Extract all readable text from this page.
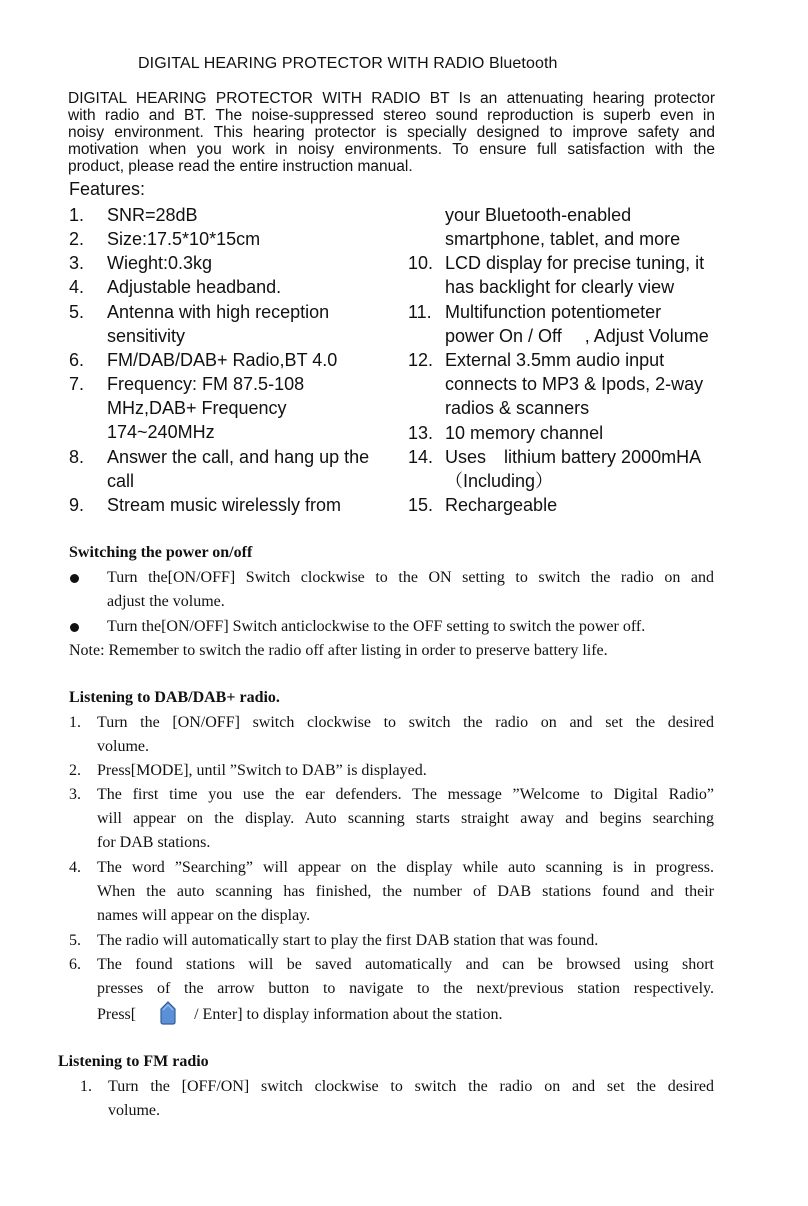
DIGITAL HEARING PROTECTOR WITH RADIO Bluetooth
DIGITAL HEARING PROTECTOR WITH RADIO BT Is an attenuating hearing protector
with radio and BT. The noise-suppressed stereo sound reproduction is superb even in
noisy environment. This hearing protector is specially designed to improve safety and
motivation when you work in noisy environments. To ensure full satisfaction with the
product, please read the entire instruction manual.
Features:
1. SNR=28dB
2. Size:17.5*10*15cm
3. Wieght:0.3kg
4. Adjustable headband.
5. Antenna with high reception
sensitivity
6. FM/DAB/DAB+ Radio,BT 4.0
7. Frequency: FM 87.5-108
MHz,DAB+ Frequency
174~240MHz
8. Answer the call, and hang up the
call
9. Stream music wirelessly from
your Bluetooth-enabled
smartphone, tablet, and more
10. LCD display for precise tuning, it
has backlight for clearly view
11. Multifunction potentiometer
power On / Off 　, Adjust Volume
12. External 3.5mm audio input
connects to MP3 & Ipods, 2-way
radios & scanners
13. 10 memory channel
14. Uses lithium battery 2000mHA
（Including）
15. Rechargeable
Switching the power on/off
Turn the[ON/OFF] Switch clockwise to the ON setting to switch the radio on and
adjust the volume.
Turn the[ON/OFF] Switch anticlockwise to the OFF setting to switch the power off.
Note: Remember to switch the radio off after listing in order to preserve battery life.
Listening to DAB/DAB+ radio.
1. Turn the [ON/OFF] switch clockwise to switch the radio on and set the desired
volume.
2. Press[MODE], until ”Switch to DAB” is displayed.
3. The first time you use the ear defenders. The message ”Welcome to Digital Radio”
will appear on the display. Auto scanning starts straight away and begins searching
for DAB stations.
4. The word ”Searching” will appear on the display while auto scanning is in progress.
When the auto scanning has finished, the number of DAB stations found and their
names will appear on the display.
5. The radio will automatically start to play the first DAB station that was found.
6. The found stations will be saved automatically and can be browsed using short
presses of the arrow button to navigate to the next/previous station respectively.
Press[	/ Enter] to display information about the station.
Listening to FM radio
1. Turn the [OFF/ON] switch clockwise to switch the radio on and set the desired
volume.
